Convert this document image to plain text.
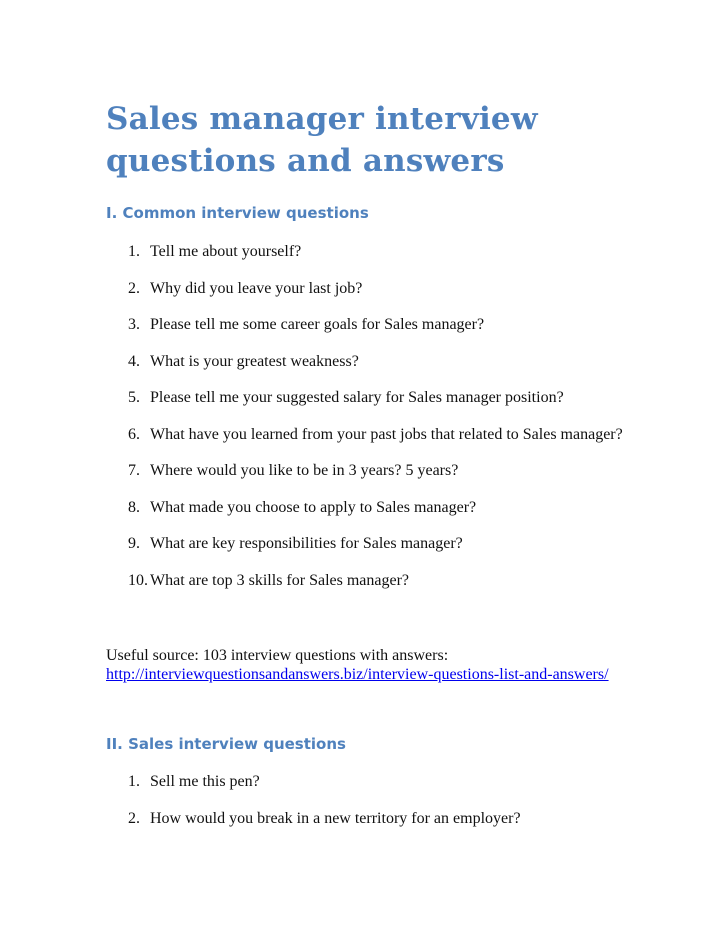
Sales manager interview questions and answers
I. Common interview questions
1. Tell me about yourself?
2. Why did you leave your last job?
3. Please tell me some career goals for Sales manager?
4. What is your greatest weakness?
5. Please tell me your suggested salary for Sales manager position?
6. What have you learned from your past jobs that related to Sales manager?
7. Where would you like to be in 3 years? 5 years?
8. What made you choose to apply to Sales manager?
9. What are key responsibilities for Sales manager?
10. What are top 3 skills for Sales manager?

Useful source: 103 interview questions with answers:
http://interviewquestionsandanswers.biz/interview-questions-list-and-answers/

II. Sales interview questions
1. Sell me this pen?
2. How would you break in a new territory for an employer?
